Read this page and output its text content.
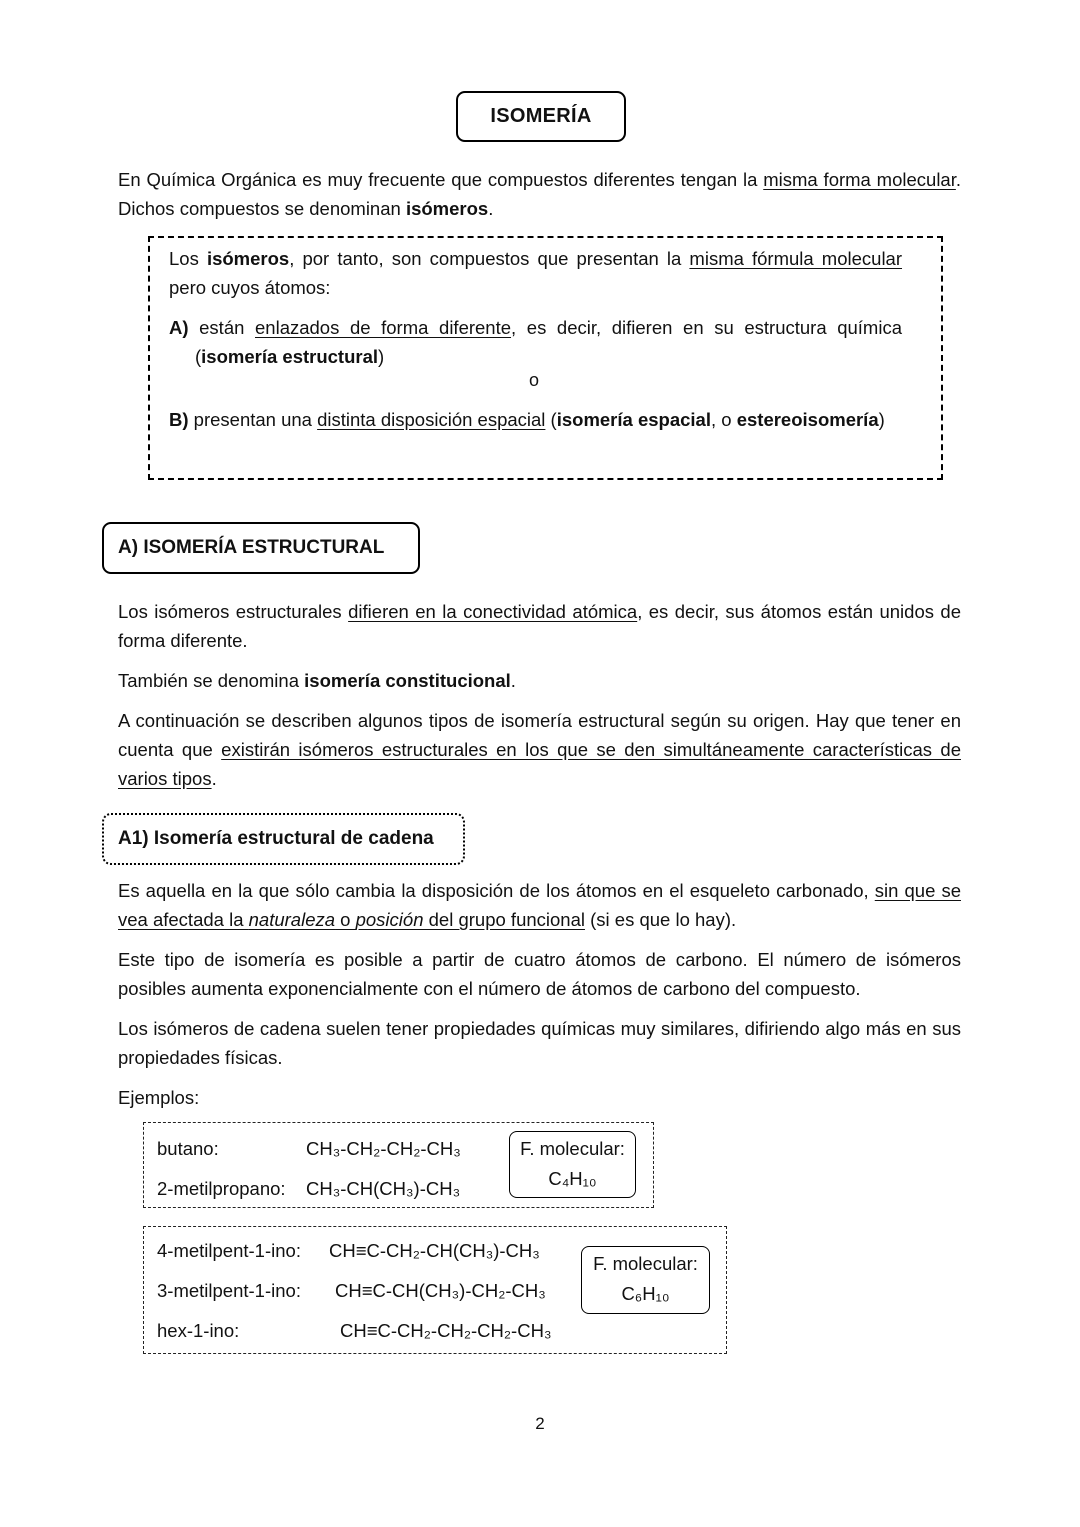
ISOMERÍA
En Química Orgánica es muy frecuente que compuestos diferentes tengan la misma forma molecular. Dichos compuestos se denominan isómeros.
Los isómeros, por tanto, son compuestos que presentan la misma fórmula molecular pero cuyos átomos:
A) están enlazados de forma diferente, es decir, difieren en su estructura química (isomería estructural)
o
B) presentan una distinta disposición espacial (isomería espacial, o estereoisomería)
A) ISOMERÍA ESTRUCTURAL
Los isómeros estructurales difieren en la conectividad atómica, es decir, sus átomos están unidos de forma diferente.
También se denomina isomería constitucional.
A continuación se describen algunos tipos de isomería estructural según su origen. Hay que tener en cuenta que existirán isómeros estructurales en los que se den simultáneamente características de varios tipos.
A1) Isomería estructural de cadena
Es aquella en la que sólo cambia la disposición de los átomos en el esqueleto carbonado, sin que se vea afectada la naturaleza o posición del grupo funcional (si es que lo hay).
Este tipo de isomería es posible a partir de cuatro átomos de carbono. El número de isómeros posibles aumenta exponencialmente con el número de átomos de carbono del compuesto.
Los isómeros de cadena suelen tener propiedades químicas muy similares, difiriendo algo más en sus propiedades físicas.
Ejemplos:
butano:	CH₃-CH₂-CH₂-CH₃
2-metilpropano: CH₃-CH(CH₃)-CH₃
F. molecular:
C₄H₁₀
4-metilpent-1-ino: CH≡C-CH₂-CH(CH₃)-CH₃
3-metilpent-1-ino: CH≡C-CH(CH₃)-CH₂-CH₃
hex-1-ino:	CH≡C-CH₂-CH₂-CH₂-CH₃
F. molecular:
C₆H₁₀
2
